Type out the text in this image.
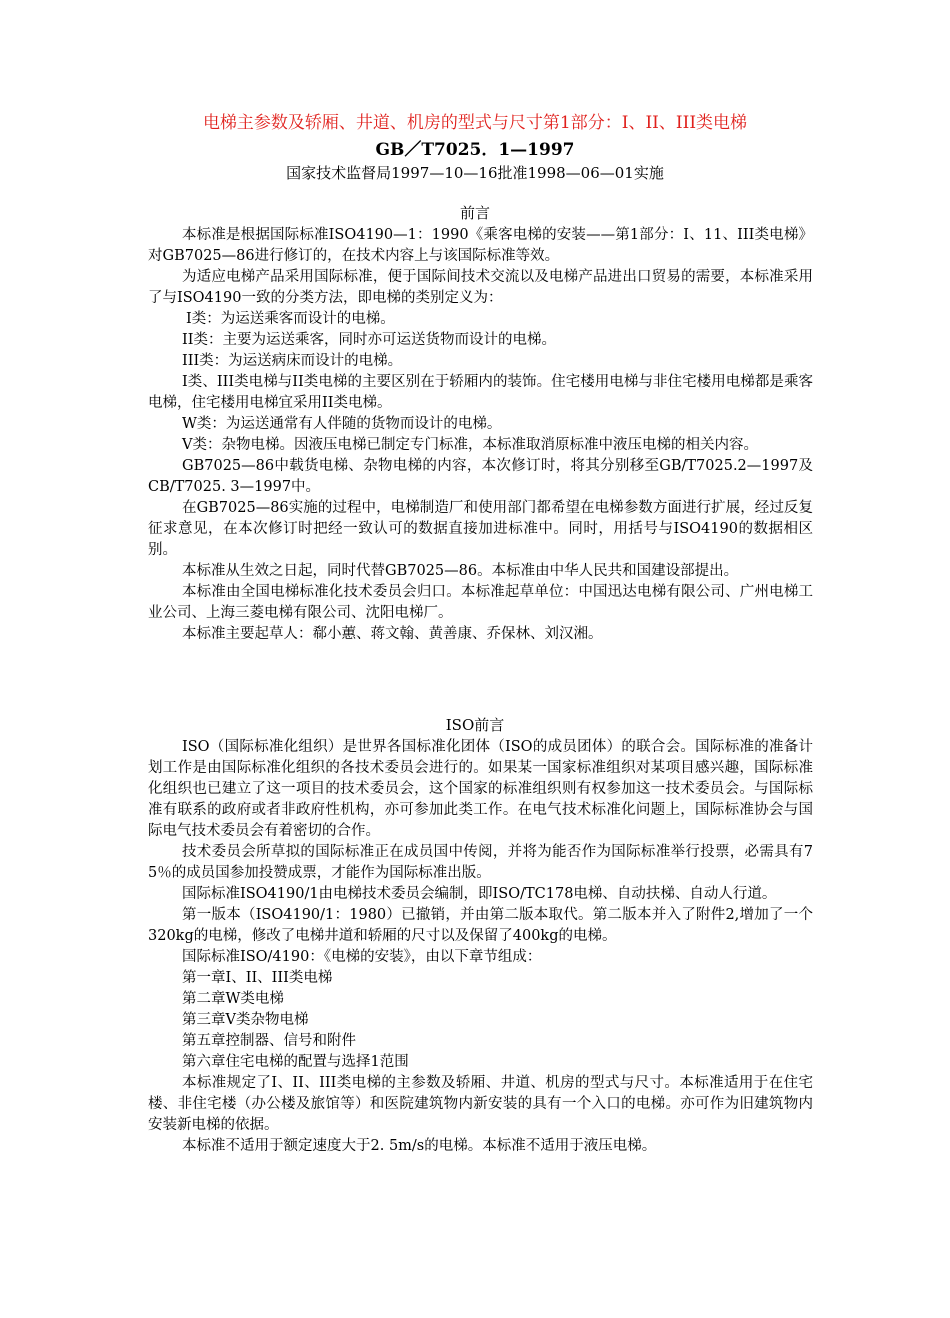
电梯主参数及轿厢、井道、机房的型式与尺寸第1部分：I、II、III类电梯
GB／T7025．1—1997
国家技术监督局1997—10—16批准1998—06—01实施
前言

本标准是根据国际标准ISO4190—1：1990《乘客电梯的安装——第1部分：I、11、III类电梯》对GB7025—86进行修订的，在技术内容上与该国际标准等效。

为适应电梯产品采用国际标准，便于国际间技术交流以及电梯产品进出口贸易的需要，本标准采用了与ISO4190一致的分类方法，即电梯的类别定义为：

I类：为运送乘客而设计的电梯。

II类：主要为运送乘客，同时亦可运送货物而设计的电梯。

III类：为运送病床而设计的电梯。

I类、III类电梯与II类电梯的主要区别在于轿厢内的装饰。住宅楼用电梯与非住宅楼用电梯都是乘客电梯，住宅楼用电梯宜采用II类电梯。

W类：为运送通常有人伴随的货物而设计的电梯。

V类：杂物电梯。因液压电梯已制定专门标准，本标准取消原标准中液压电梯的相关内容。

GB7025—86中载货电梯、杂物电梯的内容，本次修订时，将其分别移至GB/T7025.2—1997及CB/T7025. 3—1997中。

在GB7025—86实施的过程中，电梯制造厂和使用部门都希望在电梯参数方面进行扩展，经过反复征求意见，在本次修订时把经一致认可的数据直接加进标准中。同时，用括号与ISO4190的数据相区别。

本标准从生效之日起，同时代替GB7025—86。本标准由中华人民共和国建设部提出。

本标准由全国电梯标准化技术委员会归口。本标准起草单位：中国迅达电梯有限公司、广州电梯工业公司、上海三菱电梯有限公司、沈阳电梯厂。

本标准主要起草人：郗小蕙、蒋文翰、黄善康、乔保林、刘汉湘。

ISO前言

ISO（国际标准化组织）是世界各国标准化团体（ISO的成员团体）的联合会。国际标准的准备计划工作是由国际标准化组织的各技术委员会进行的。如果某一国家标准组织对某项目感兴趣，国际标准化组织也已建立了这一项目的技术委员会，这个国家的标准组织则有权参加这一技术委员会。与国际标准有联系的政府或者非政府性机构，亦可参加此类工作。在电气技术标准化问题上，国际标准协会与国际电气技术委员会有着密切的合作。

技术委员会所草拟的国际标准正在成员国中传阅，并将为能否作为国际标准举行投票，必需具有75％的成员国参加投赞成票，才能作为国际标准出版。

国际标准ISO4190/1由电梯技术委员会编制，即ISO/TC178电梯、自动扶梯、自动人行道。

第一版本（ISO4190/1：1980）已撤销，并由第二版本取代。第二版本并入了附件2,增加了一个320kg的电梯，修改了电梯井道和轿厢的尺寸以及保留了400kg的电梯。

国际标准ISO/4190：《电梯的安装》，由以下章节组成：

第一章I、II、III类电梯

第二章W类电梯

第三章V类杂物电梯

第五章控制器、信号和附件

第六章住宅电梯的配置与选择1范围

本标准规定了I、II、III类电梯的主参数及轿厢、井道、机房的型式与尺寸。本标准适用于在住宅楼、非住宅楼（办公楼及旅馆等）和医院建筑物内新安装的具有一个入口的电梯。亦可作为旧建筑物内安装新电梯的依据。

本标准不适用于额定速度大于2. 5m/s的电梯。本标准不适用于液压电梯。
